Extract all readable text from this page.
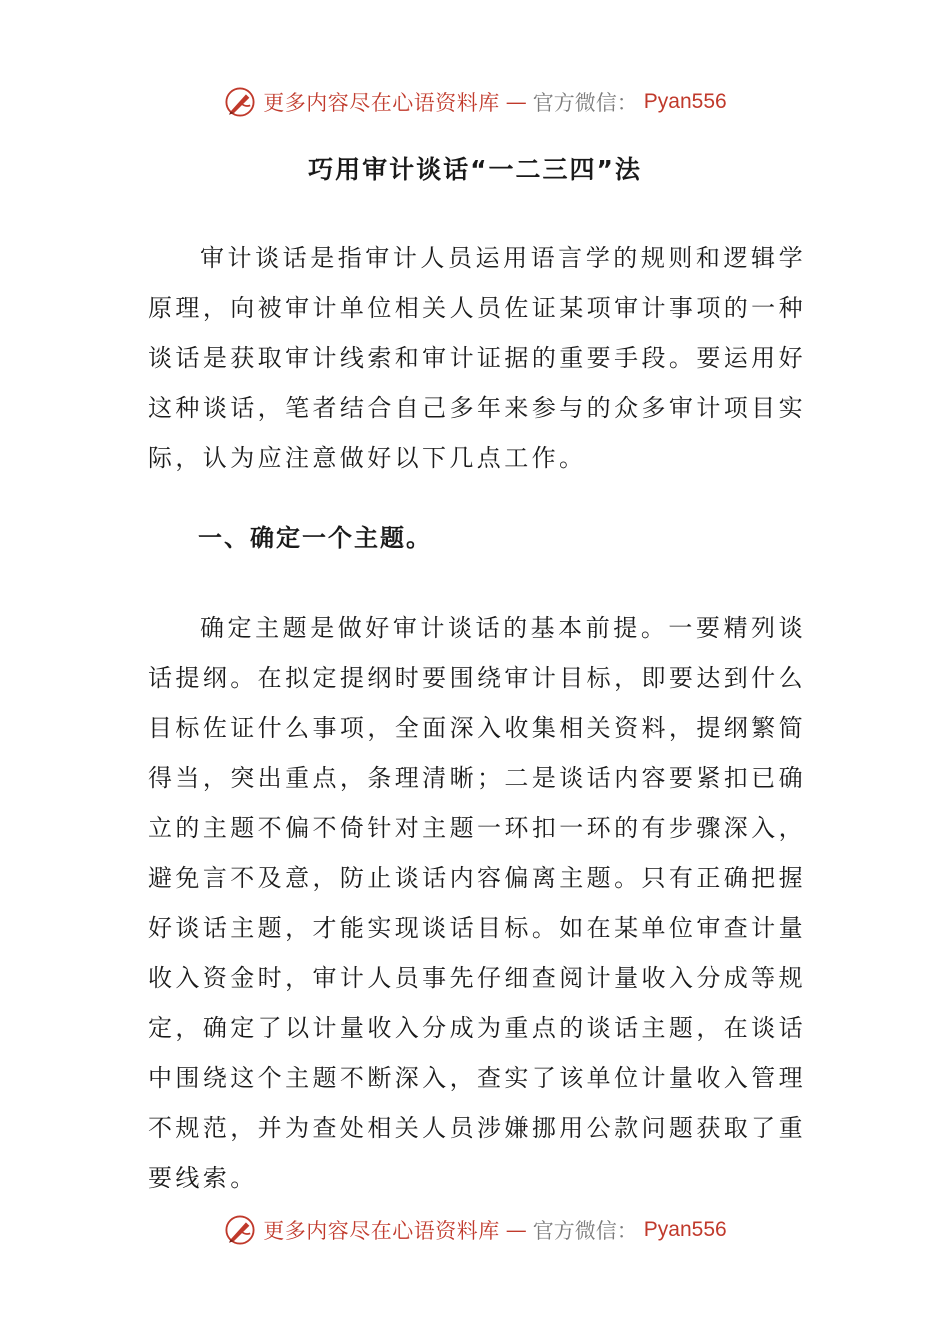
更多内容尽在心语资料库 — 官方微信： Pyan556
巧用审计谈话“一二三四”法

审计谈话是指审计人员运用语言学的规则和逻辑学原理，向被审计单位相关人员佐证某项审计事项的一种谈话是获取审计线索和审计证据的重要手段。要运用好这种谈话，笔者结合自己多年来参与的众多审计项目实际，认为应注意做好以下几点工作。

一、确定一个主题。

确定主题是做好审计谈话的基本前提。一要精列谈话提纲。在拟定提纲时要围绕审计目标，即要达到什么目标佐证什么事项，全面深入收集相关资料，提纲繁简得当，突出重点，条理清晰；二是谈话内容要紧扣已确立的主题不偏不倚针对主题一环扣一环的有步骤深入，避免言不及意，防止谈话内容偏离主题。只有正确把握好谈话主题，才能实现谈话目标。如在某单位审查计量收入资金时，审计人员事先仔细查阅计量收入分成等规定，确定了以计量收入分成为重点的谈话主题，在谈话中围绕这个主题不断深入，查实了该单位计量收入管理不规范，并为查处相关人员涉嫌挪用公款问题获取了重要线索。

更多内容尽在心语资料库 — 官方微信： Pyan556
